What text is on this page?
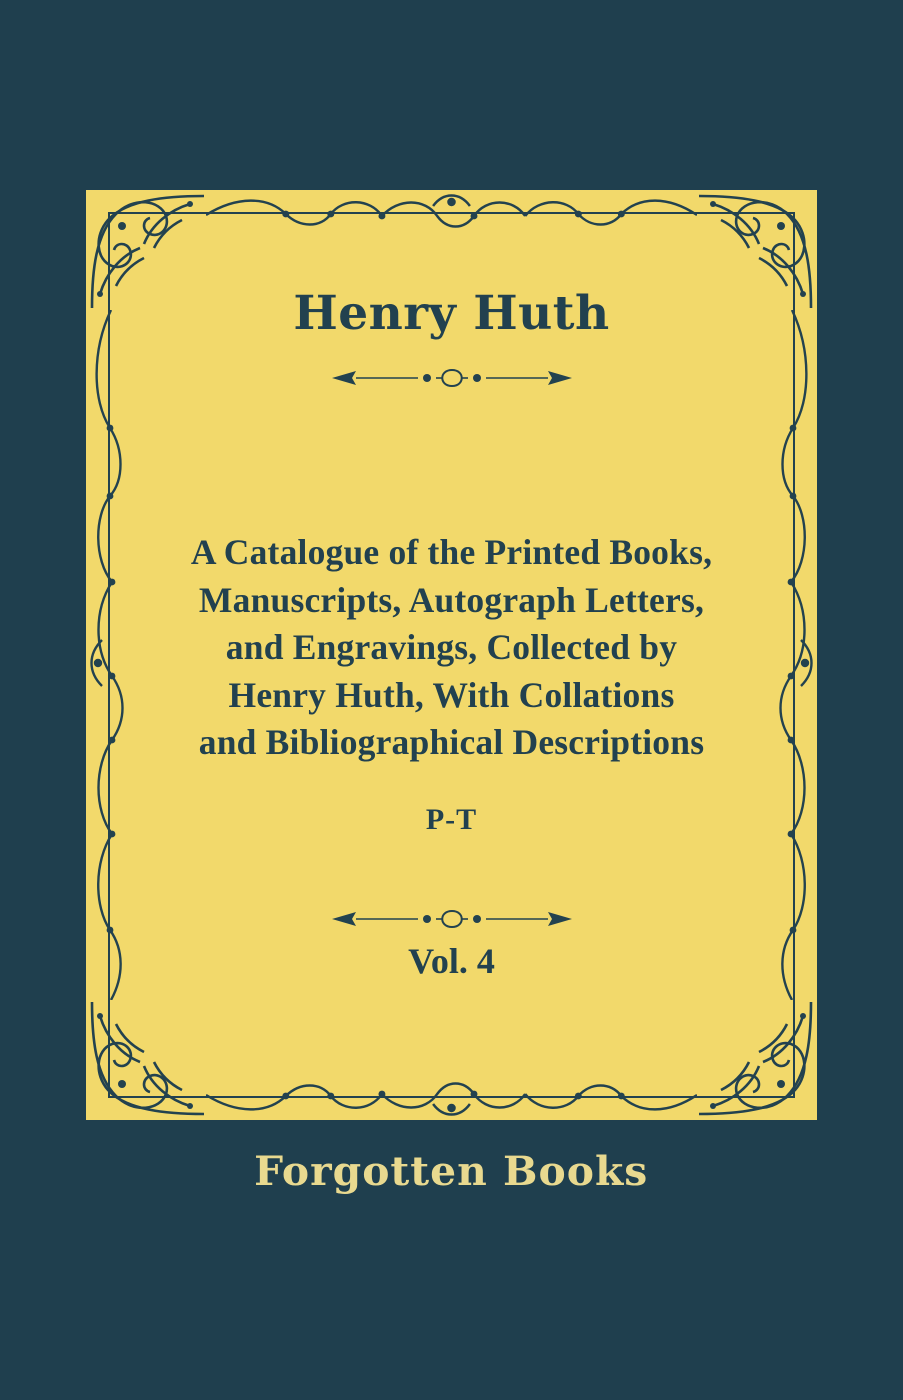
Henry Huth
A Catalogue of the Printed Books,
Manuscripts, Autograph Letters,
and Engravings, Collected by
Henry Huth, With Collations
and Bibliographical Descriptions
P-T
Vol. 4
Forgotten Books
